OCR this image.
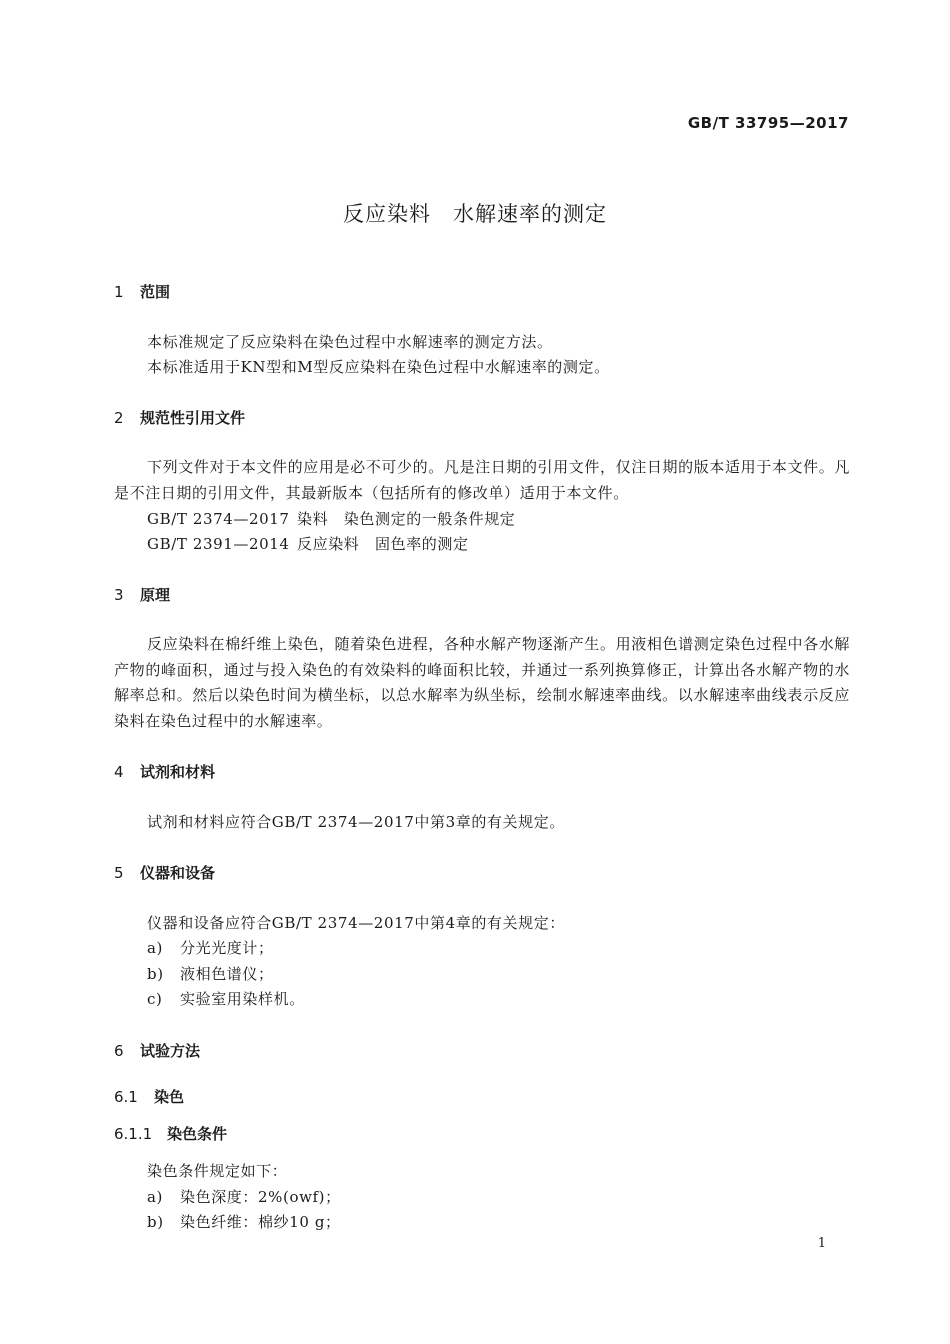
GB/T 33795—2017
反应染料　水解速率的测定
1 范围
本标准规定了反应染料在染色过程中水解速率的测定方法。
本标准适用于KN型和M型反应染料在染色过程中水解速率的测定。
2 规范性引用文件
下列文件对于本文件的应用是必不可少的。凡是注日期的引用文件，仅注日期的版本适用于本文件。凡是不注日期的引用文件，其最新版本（包括所有的修改单）适用于本文件。
GB/T 2374—2017 染料　染色测定的一般条件规定
GB/T 2391—2014 反应染料　固色率的测定
3 原理
反应染料在棉纤维上染色，随着染色进程，各种水解产物逐渐产生。用液相色谱测定染色过程中各水解产物的峰面积，通过与投入染色的有效染料的峰面积比较，并通过一系列换算修正，计算出各水解产物的水解率总和。然后以染色时间为横坐标，以总水解率为纵坐标，绘制水解速率曲线。以水解速率曲线表示反应染料在染色过程中的水解速率。
4 试剂和材料
试剂和材料应符合GB/T 2374—2017中第3章的有关规定。
5 仪器和设备
仪器和设备应符合GB/T 2374—2017中第4章的有关规定：
a) 分光光度计；
b) 液相色谱仪；
c) 实验室用染样机。
6 试验方法
6.1 染色
6.1.1 染色条件
染色条件规定如下：
a) 染色深度：2%(owf)；
b) 染色纤维：棉纱10 g；
1
